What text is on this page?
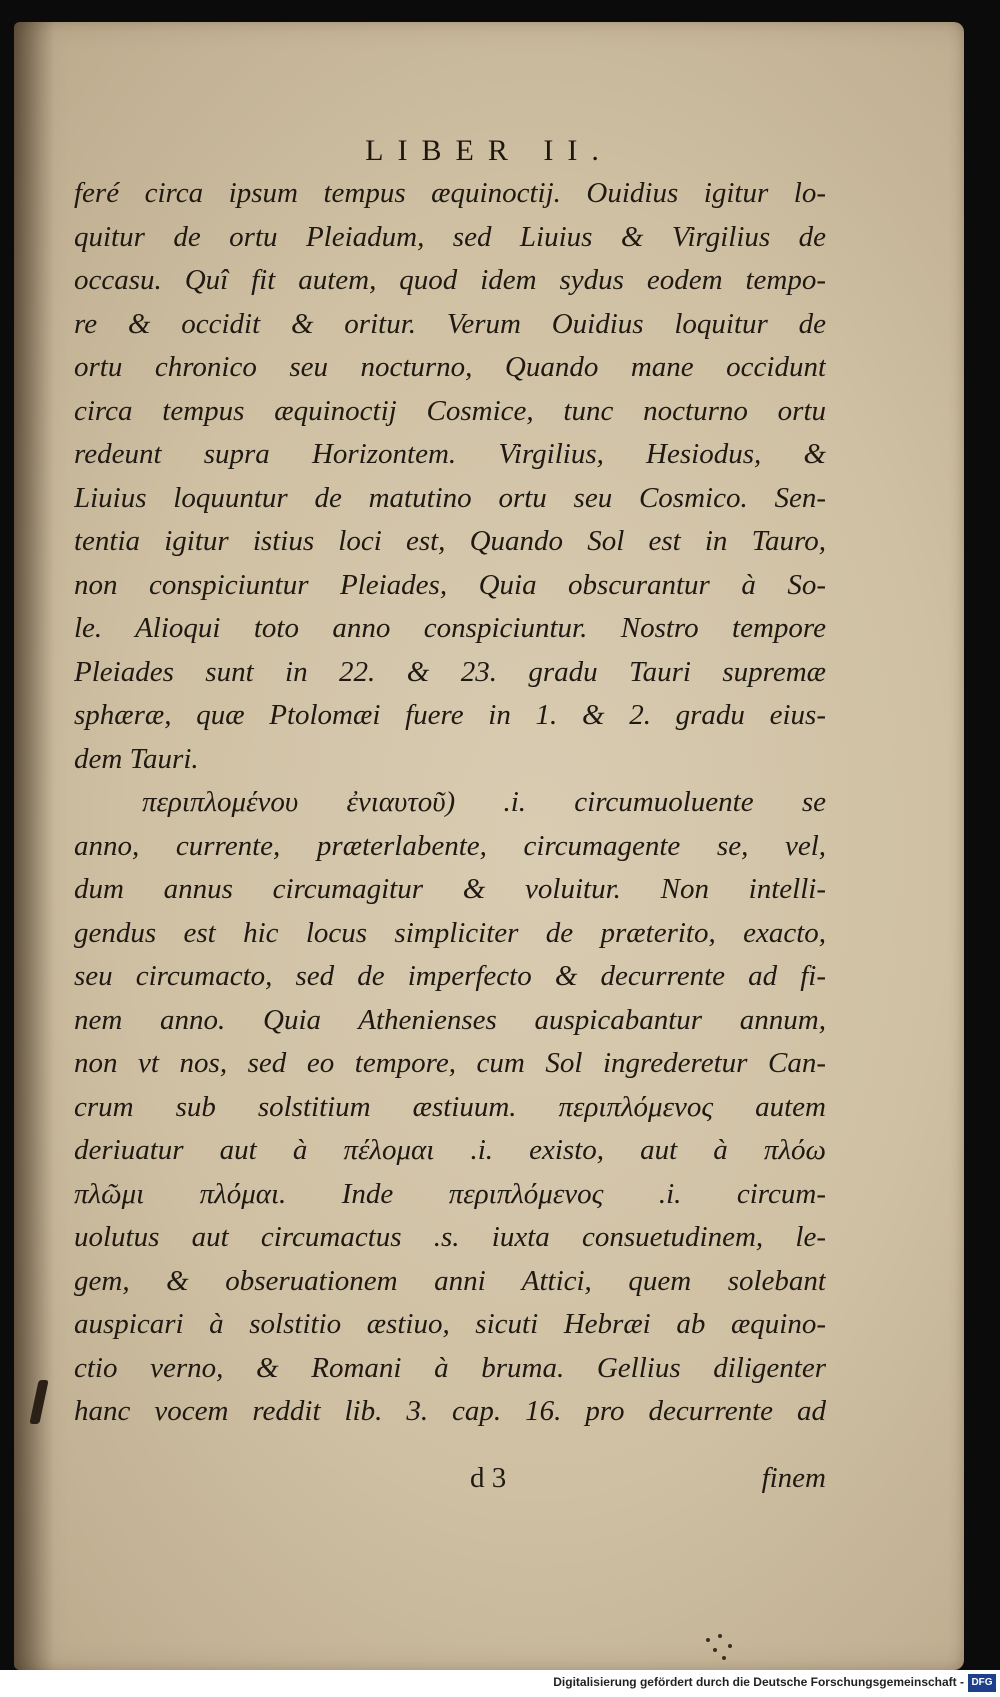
LIBER II.
feré circa ipsum tempus æquinoctij. Ouidius igitur lo-
quitur de ortu Pleiadum, sed Liuius & Virgilius de
occasu. Quî fit autem, quod idem sydus eodem tempo-
re & occidit & oritur. Verum Ouidius loquitur de
ortu chronico seu nocturno, Quando mane occidunt
circa tempus æquinoctij Cosmice, tunc nocturno ortu
redeunt supra Horizontem. Virgilius, Hesiodus, &
Liuius loquuntur de matutino ortu seu Cosmico. Sen-
tentia igitur istius loci est, Quando Sol est in Tauro,
non conspiciuntur Pleiades, Quia obscurantur à So-
le. Alioqui toto anno conspiciuntur. Nostro tempore
Pleiades sunt in 22. & 23. gradu Tauri supremæ
sphæræ, quæ Ptolomæi fuere in 1. & 2. gradu eius-
dem Tauri.
περιπλομένου ἐνιαυτοῦ) .i. circumuoluente se
anno, currente, præterlabente, circumagente se, vel,
dum annus circumagitur & voluitur. Non intelli-
gendus est hic locus simpliciter de præterito, exacto,
seu circumacto, sed de imperfecto & decurrente ad fi-
nem anno. Quia Athenienses auspicabantur annum,
non vt nos, sed eo tempore, cum Sol ingrederetur Can-
crum sub solstitium æstiuum. περιπλόμενος autem
deriuatur aut à πέλομαι .i. existo, aut à πλόω
πλῶμι πλόμαι. Inde περιπλόμενος .i. circum-
uolutus aut circumactus .s. iuxta consuetudinem, le-
gem, & obseruationem anni Attici, quem solebant
auspicari à solstitio æstiuo, sicuti Hebræi ab æquino-
ctio verno, & Romani à bruma. Gellius diligenter
hanc vocem reddit lib. 3. cap. 16. pro decurrente ad
d 3	finem
Digitalisierung gefördert durch die Deutsche Forschungsgemeinschaft - DFG
